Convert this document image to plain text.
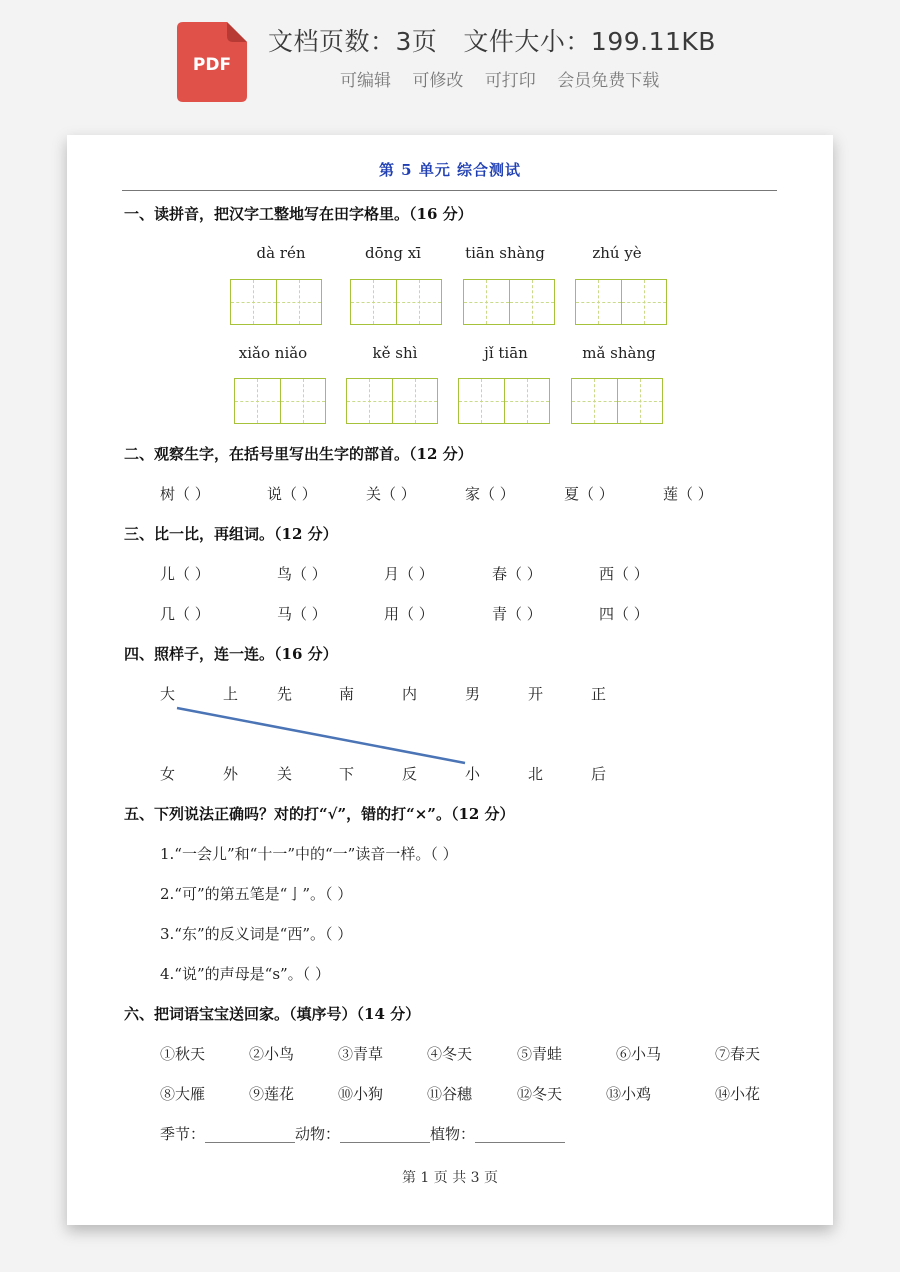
PDF
文档页数：3页 文件大小：199.11KB
可编辑 可修改 可打印 会员免费下载
第 5 单元 综合测试
一、读拼音，把汉字工整地写在田字格里。（16 分）
dà rén	dōng xī	tiān shàng	zhú yè
xiǎo niǎo	kě shì	jǐ tiān	mǎ shàng
二、观察生字，在括号里写出生字的部首。（12 分）
树（ ）	说（ ）	关（ ）	家（ ）	夏（ ）	莲（ ）
三、比一比，再组词。（12 分）
儿（ ）	鸟（ ）	月（ ）	春（ ）	西（ ）
几（ ）	马（ ）	用（ ）	青（ ）	四（ ）
四、照样子，连一连。（16 分）
大	上	先	南	内	男	开	正
女	外	关	下	反	小	北	后
五、下列说法正确吗？对的打“√”，错的打“×”。（12 分）
1.“一会儿”和“十一”中的“一”读音一样。（ ）
2.“可”的第五笔是“亅”。（ ）
3.“东”的反义词是“西”。（ ）
4.“说”的声母是“s”。（ ）
六、把词语宝宝送回家。（填序号）（14 分）
①秋天	②小鸟	③青草	④冬天	⑤青蛙	⑥小马	⑦春天
⑧大雁	⑨莲花	⑩小狗	⑪谷穗	⑫冬天	⑬小鸡	⑭小花
季节：____________动物：____________植物：____________
第 1 页 共 3 页
